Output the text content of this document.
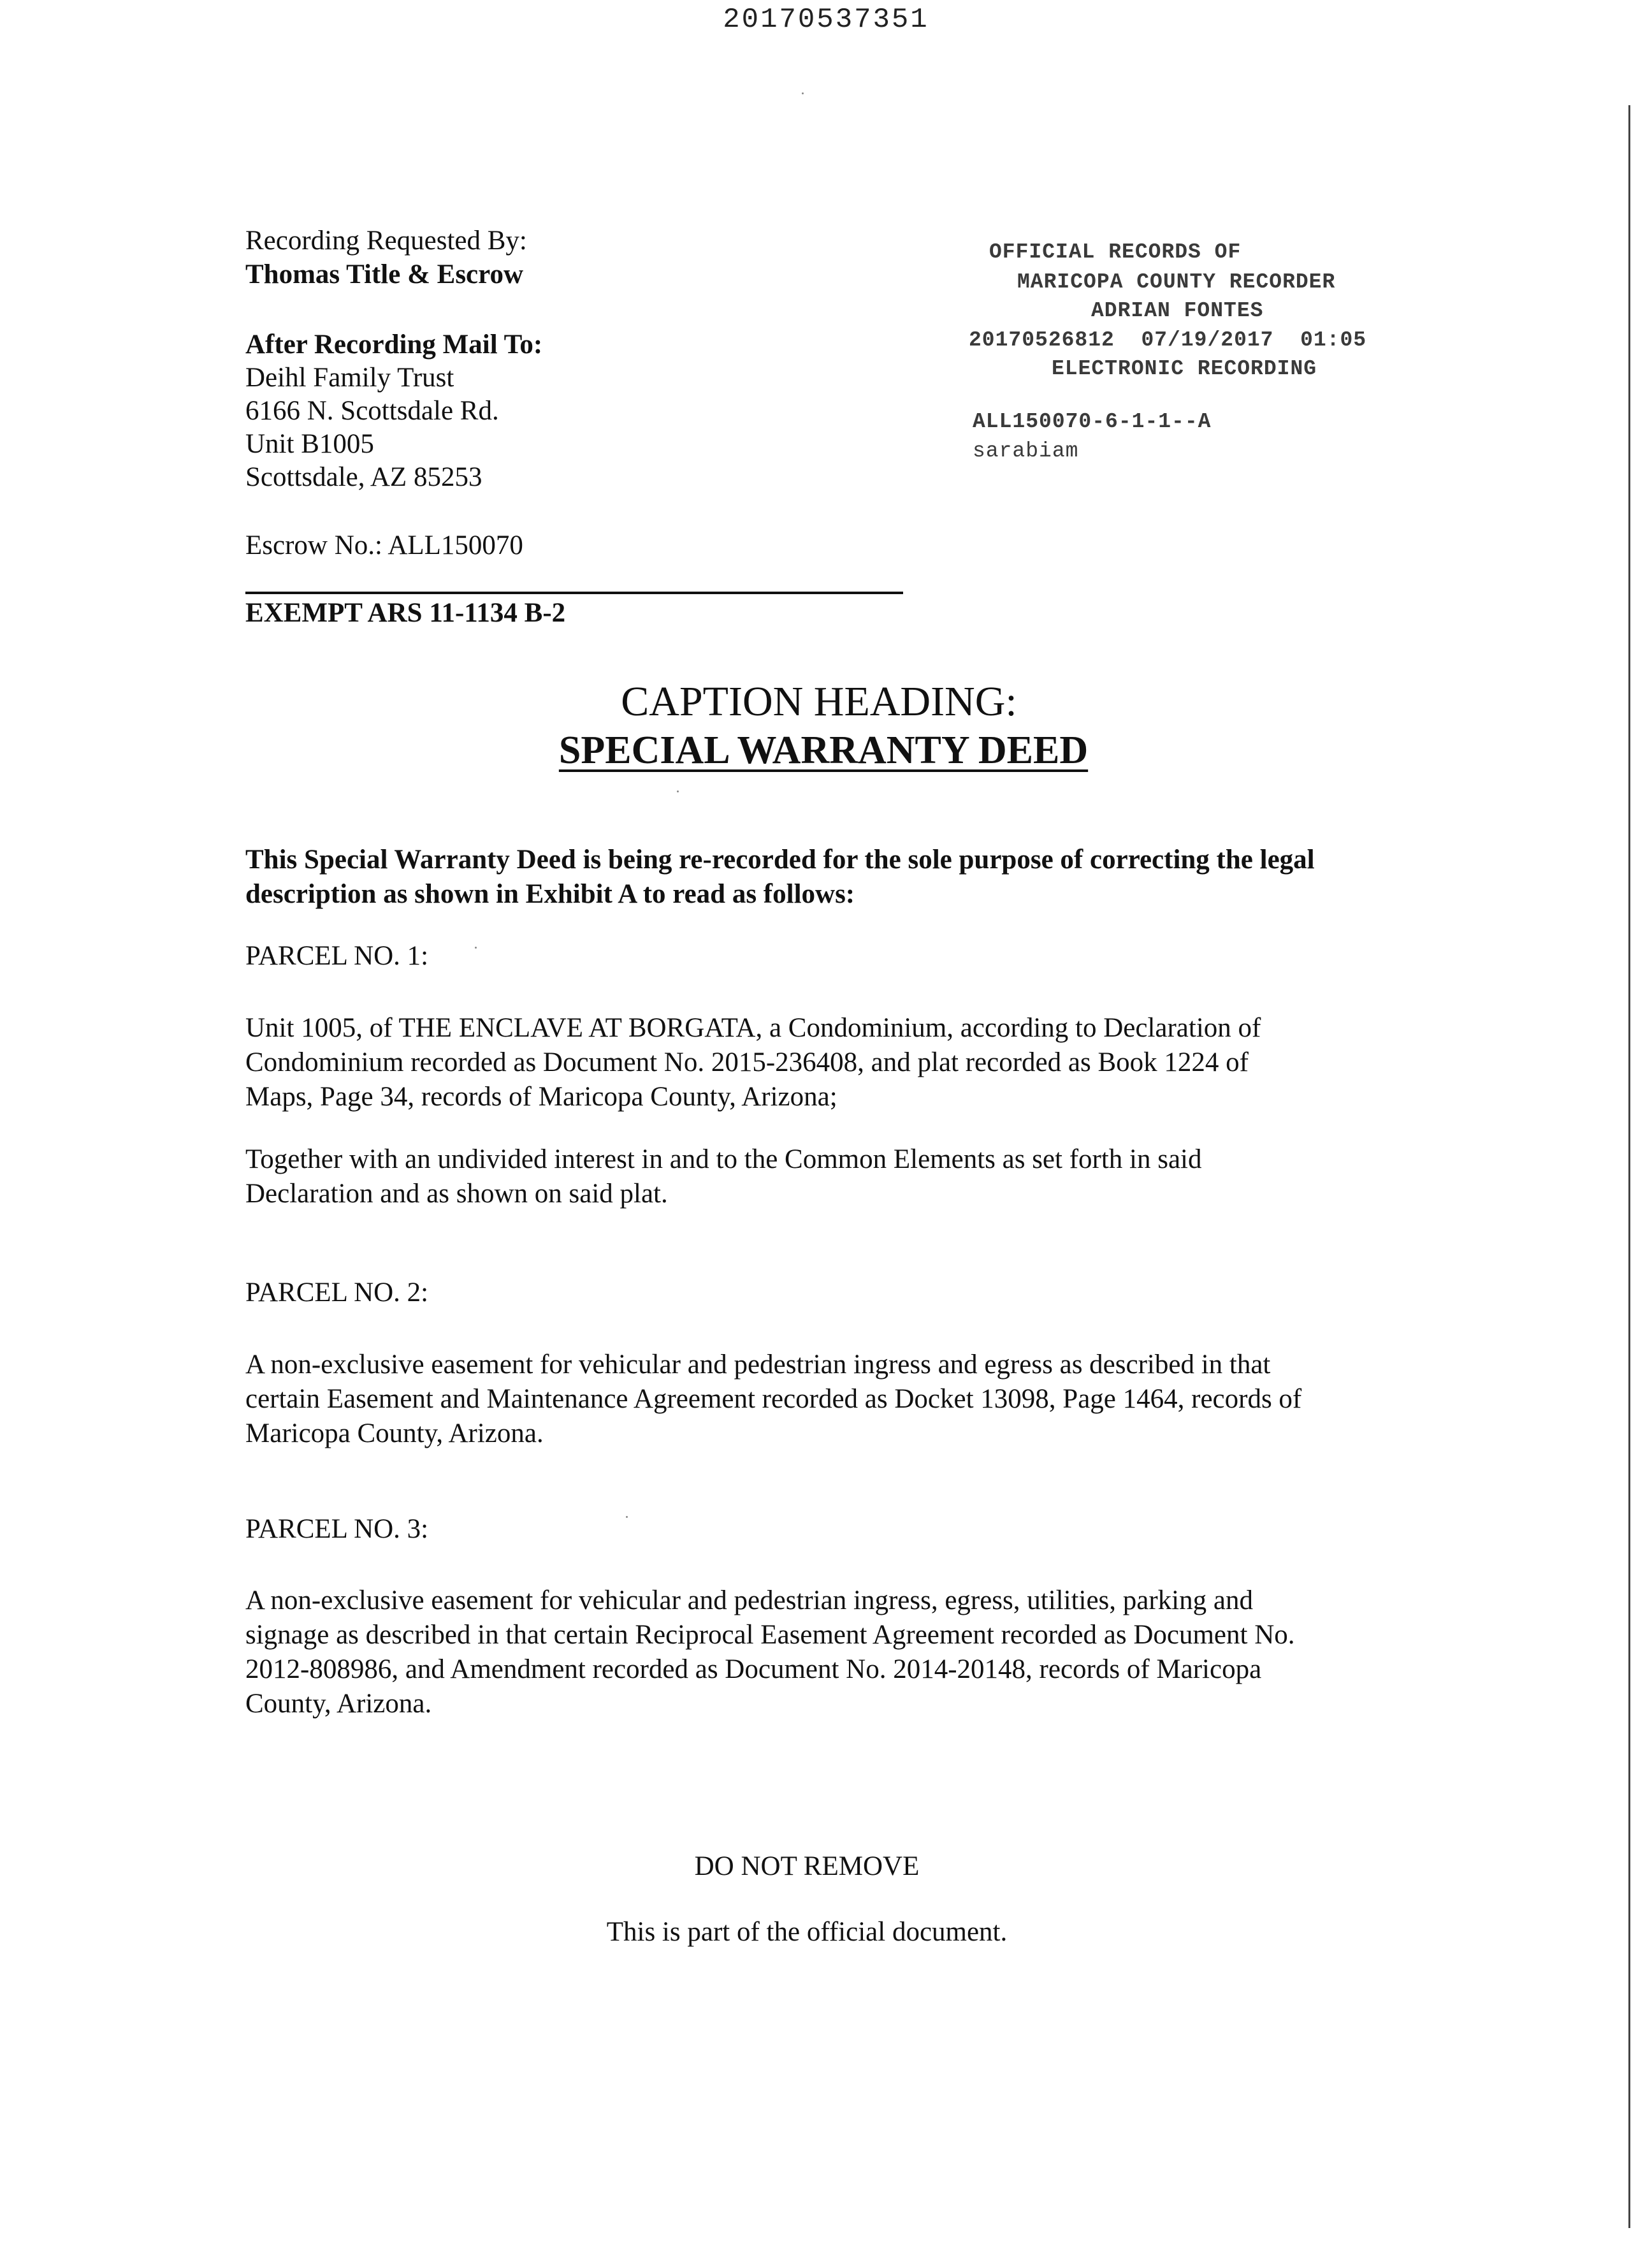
20170537351
Recording Requested By:
Thomas Title & Escrow
After Recording Mail To:
Deihl Family Trust
6166 N. Scottsdale Rd.
Unit B1005
Scottsdale, AZ 85253
Escrow No.: ALL150070
EXEMPT ARS 11-1134 B-2
OFFICIAL RECORDS OF
MARICOPA COUNTY RECORDER
ADRIAN FONTES
20170526812  07/19/2017  01:05
ELECTRONIC RECORDING
ALL150070-6-1-1--A
sarabiam
CAPTION HEADING:
SPECIAL WARRANTY DEED
This Special Warranty Deed is being re-recorded for the sole purpose of correcting the legal
description as shown in Exhibit A to read as follows:
PARCEL NO. 1:
Unit 1005, of THE ENCLAVE AT BORGATA, a Condominium, according to Declaration of
Condominium recorded as Document No. 2015-236408, and plat recorded as Book 1224 of
Maps, Page 34, records of Maricopa County, Arizona;
Together with an undivided interest in and to the Common Elements as set forth in said
Declaration and as shown on said plat.
PARCEL NO. 2:
A non-exclusive easement for vehicular and pedestrian ingress and egress as described in that
certain Easement and Maintenance Agreement recorded as Docket 13098, Page 1464, records of
Maricopa County, Arizona.
PARCEL NO. 3:
A non-exclusive easement for vehicular and pedestrian ingress, egress, utilities, parking and
signage as described in that certain Reciprocal Easement Agreement recorded as Document No.
2012-808986, and Amendment recorded as Document No. 2014-20148, records of Maricopa
County, Arizona.
DO NOT REMOVE
This is part of the official document.
